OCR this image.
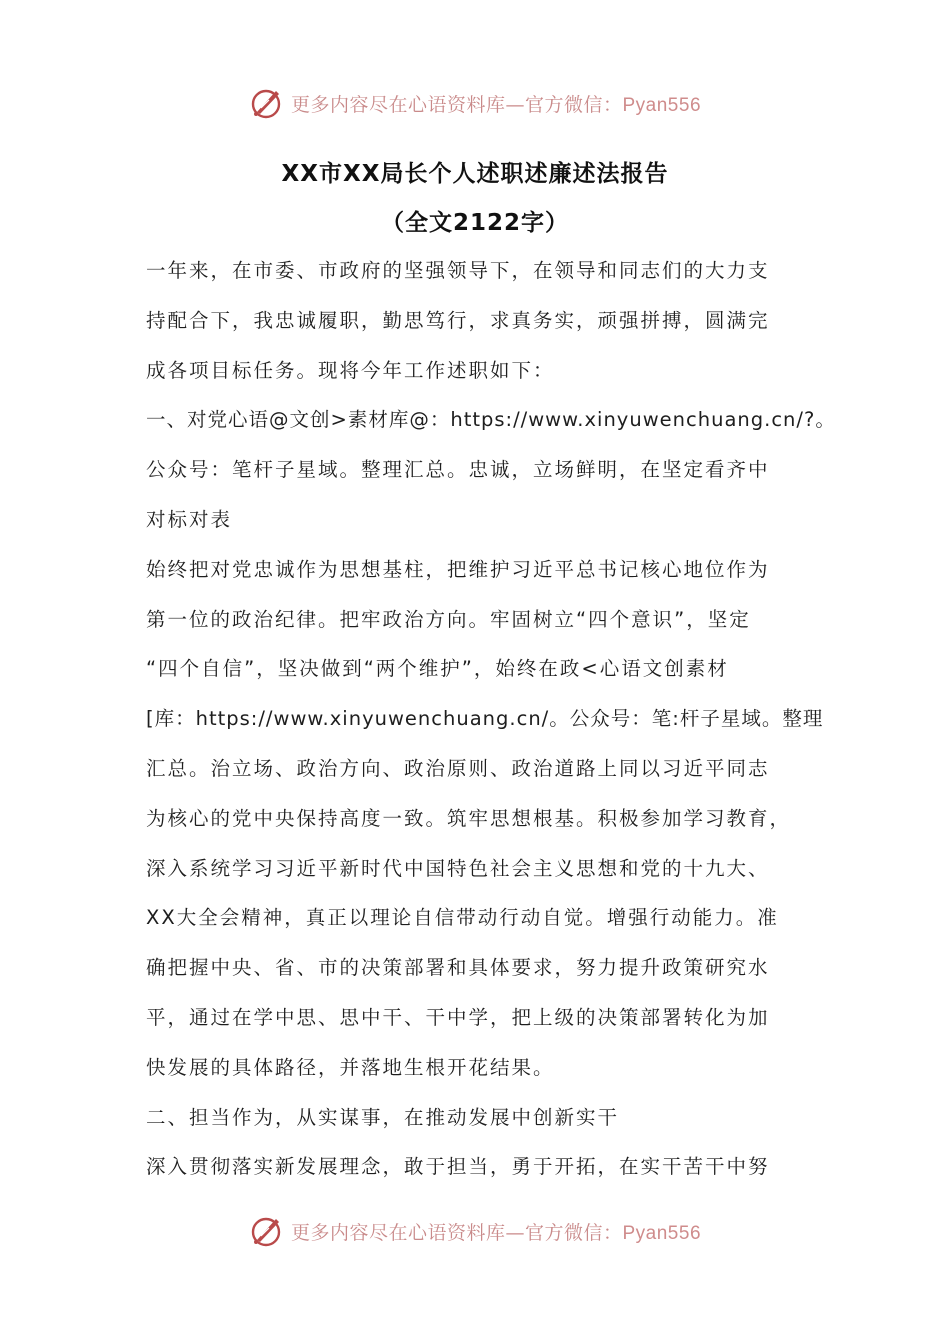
更多内容尽在心语资料库—官方微信：Pyan556
XX市XX局长个人述职述廉述法报告
（全文2122字）
一年来，在市委、市政府的坚强领导下，在领导和同志们的大力支
持配合下，我忠诚履职，勤思笃行，求真务实，顽强拼搏，圆满完
成各项目标任务。现将今年工作述职如下：
一、对党心语@文创>素材库@：https://www.xinyuwenchuang.cn/?。
公众号：笔杆子星域。整理汇总。忠诚，立场鲜明，在坚定看齐中
对标对表
始终把对党忠诚作为思想基柱，把维护习近平总书记核心地位作为
第一位的政治纪律。把牢政治方向。牢固树立“四个意识”，坚定
“四个自信”，坚决做到“两个维护”，始终在政<心语文创素材
[库：https://www.xinyuwenchuang.cn/。公众号：笔:杆子星域。整理
汇总。治立场、政治方向、政治原则、政治道路上同以习近平同志
为核心的党中央保持高度一致。筑牢思想根基。积极参加学习教育，
深入系统学习习近平新时代中国特色社会主义思想和党的十九大、
XX大全会精神，真正以理论自信带动行动自觉。增强行动能力。准
确把握中央、省、市的决策部署和具体要求，努力提升政策研究水
平，通过在学中思、思中干、干中学，把上级的决策部署转化为加
快发展的具体路径，并落地生根开花结果。
二、担当作为，从实谋事，在推动发展中创新实干
深入贯彻落实新发展理念，敢于担当，勇于开拓，在实干苦干中努
更多内容尽在心语资料库—官方微信：Pyan556
